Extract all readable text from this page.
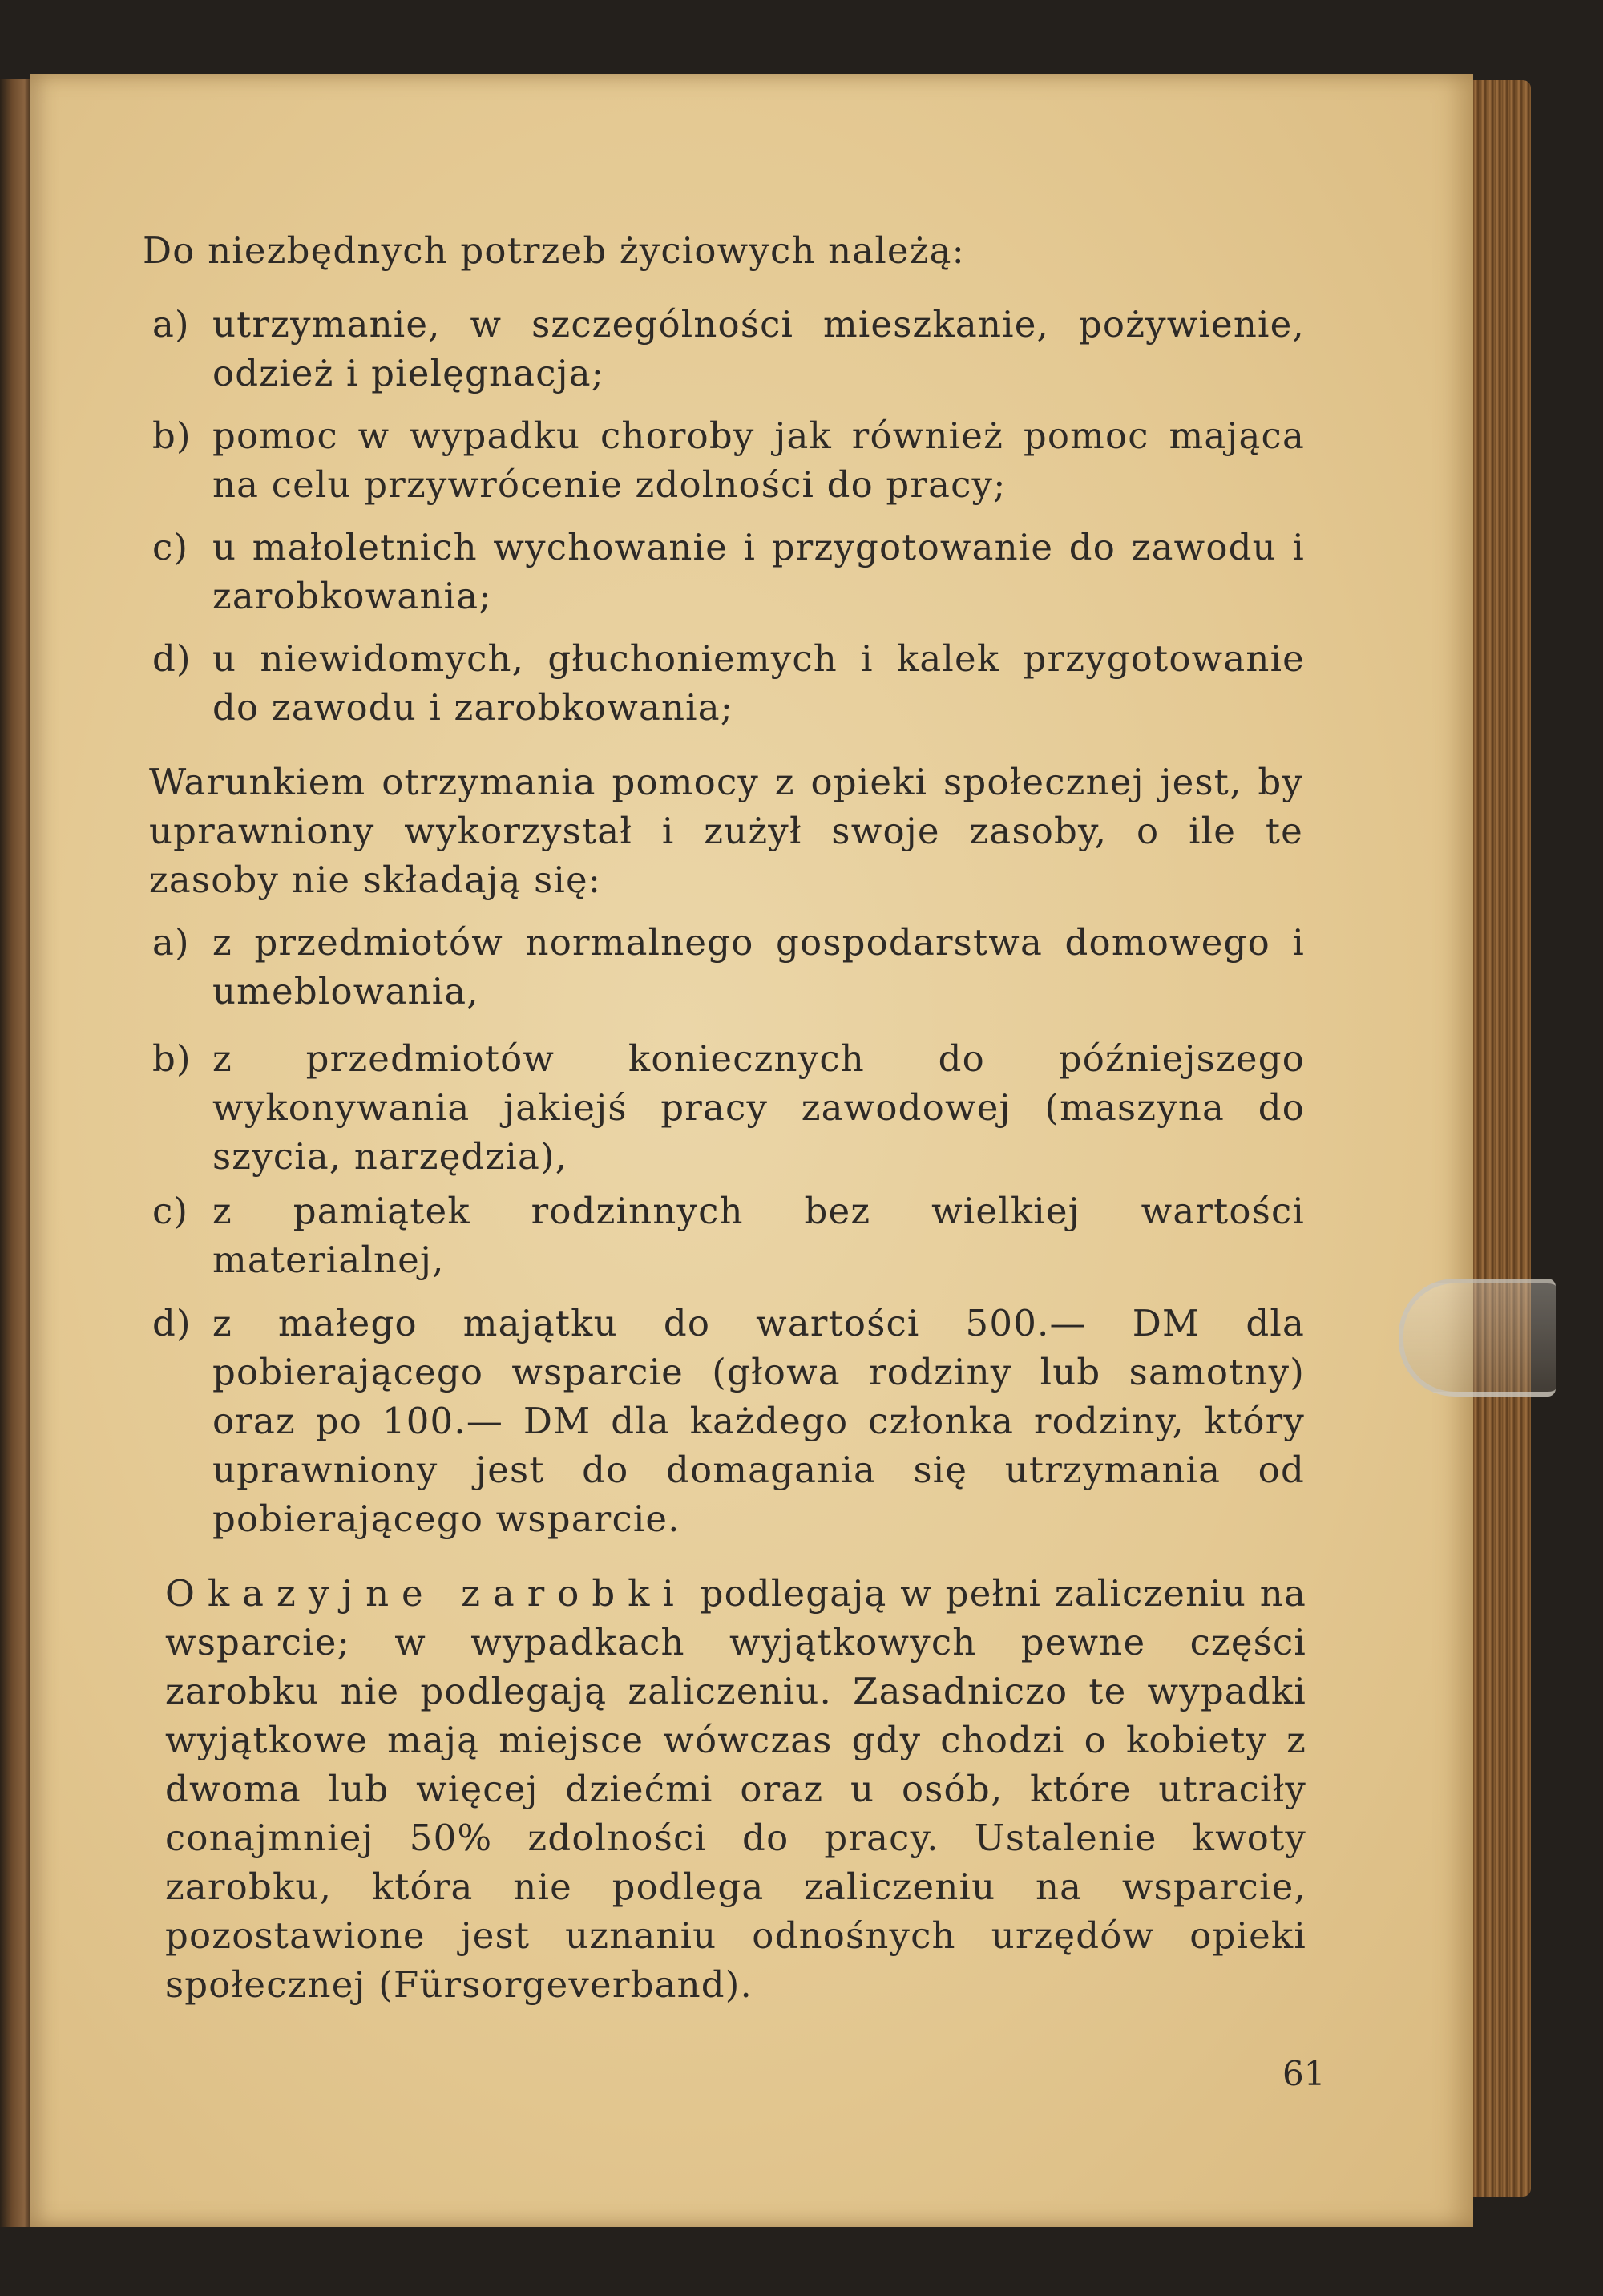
Do niezbędnych potrzeb życiowych należą:

a) utrzymanie, w szczególności mieszkanie, pożywienie, odzież i pielęgnacja;
b) pomoc w wypadku choroby jak również pomoc mająca na celu przywrócenie zdolności do pracy;
c) u małoletnich wychowanie i przygotowanie do zawodu i zarobkowania;
d) u niewidomych, głuchoniemych i kalek przygotowanie do zawodu i zarobkowania;

Warunkiem otrzymania pomocy z opieki społecznej jest, by uprawniony wykorzystał i zużył swoje zasoby, o ile te zasoby nie składają się:

a) z przedmiotów normalnego gospodarstwa domowego i umeblowania,
b) z przedmiotów koniecznych do późniejszego wykonywania jakiejś pracy zawodowej (maszyna do szycia, narzędzia),
c) z pamiątek rodzinnych bez wielkiej wartości materialnej,
d) z małego majątku do wartości 500.— DM dla pobierającego wsparcie (głowa rodziny lub samotny) oraz po 100.— DM dla każdego członka rodziny, który uprawniony jest do domagania się utrzymania od pobierającego wsparcie.

Okazyjne zarobki podlegają w pełni zaliczeniu na wsparcie; w wypadkach wyjątkowych pewne części zarobku nie podlegają zaliczeniu. Zasadniczo te wypadki wyjątkowe mają miejsce wówczas gdy chodzi o kobiety z dwoma lub więcej dziećmi oraz u osób, które utraciły conajmniej 50% zdolności do pracy. Ustalenie kwoty zarobku, która nie podlega zaliczeniu na wsparcie, pozostawione jest uznaniu odnośnych urzędów opieki społecznej (Fürsorgeverband).

61
